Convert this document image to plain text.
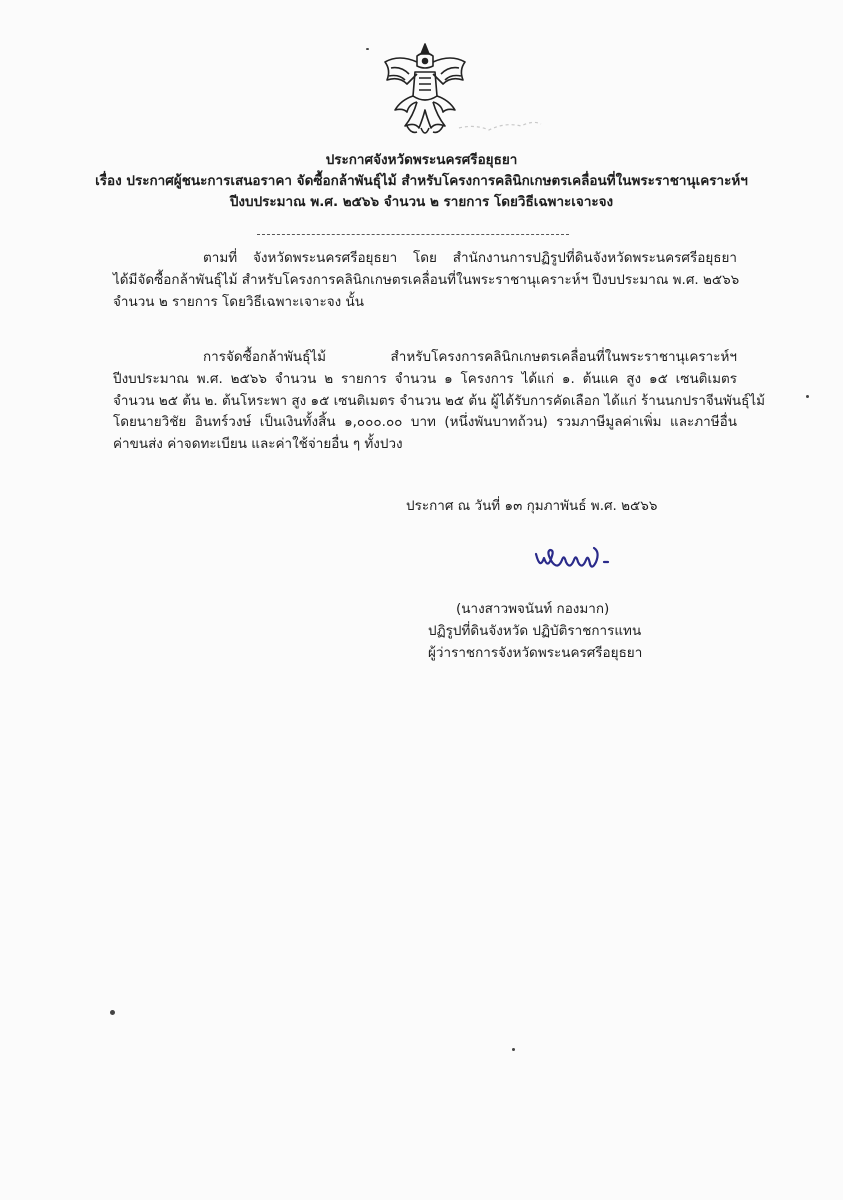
ประกาศจังหวัดพระนครศรีอยุธยา
เรื่อง ประกาศผู้ชนะการเสนอราคา จัดซื้อกล้าพันธุ์ไม้ สำหรับโครงการคลินิกเกษตรเคลื่อนที่ในพระราชานุเคราะห์ฯ
ปีงบประมาณ พ.ศ. ๒๕๖๖ จำนวน ๒ รายการ โดยวิธีเฉพาะเจาะจง
ตามที่ จังหวัดพระนครศรีอยุธยา โดย สำนักงานการปฏิรูปที่ดินจังหวัดพระนครศรีอยุธยา
ได้มีจัดซื้อกล้าพันธุ์ไม้ สำหรับโครงการคลินิกเกษตรเคลื่อนที่ในพระราชานุเคราะห์ฯ ปีงบประมาณ พ.ศ. ๒๕๖๖
จำนวน ๒ รายการ โดยวิธีเฉพาะเจาะจง นั้น
การจัดซื้อกล้าพันธุ์ไม้ สำหรับโครงการคลินิกเกษตรเคลื่อนที่ในพระราชานุเคราะห์ฯ
ปีงบประมาณ พ.ศ. ๒๕๖๖ จำนวน ๒ รายการ จำนวน ๑ โครงการ ได้แก่ ๑. ต้นแค สูง ๑๕ เซนติเมตร
จำนวน ๒๕ ต้น ๒. ต้นโหระพา สูง ๑๕ เซนติเมตร จำนวน ๒๕ ต้น ผู้ได้รับการคัดเลือก ได้แก่ ร้านนกปราจีนพันธุ์ไม้
โดยนายวิชัย อินทร์วงษ์ เป็นเงินทั้งสิ้น ๑,๐๐๐.๐๐ บาท (หนึ่งพันบาทถ้วน) รวมภาษีมูลค่าเพิ่ม และภาษีอื่น
ค่าขนส่ง ค่าจดทะเบียน และค่าใช้จ่ายอื่น ๆ ทั้งปวง
ประกาศ ณ วันที่ ๑๓ กุมภาพันธ์ พ.ศ. ๒๕๖๖
(นางสาวพจนันท์ กองมาก)
ปฏิรูปที่ดินจังหวัด ปฏิบัติราชการแทน
ผู้ว่าราชการจังหวัดพระนครศรีอยุธยา
